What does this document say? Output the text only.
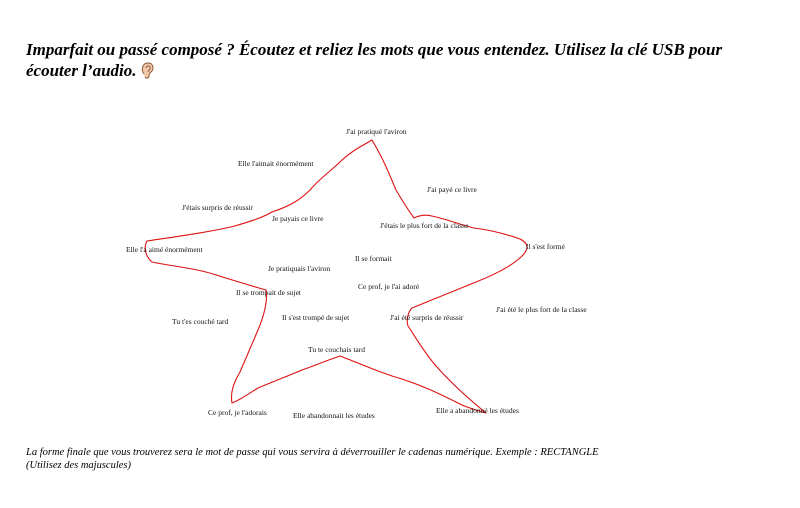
Imparfait ou passé composé ? Écoutez et reliez les mots que vous entendez. Utilisez la clé USB pour écouter l’audio.

J'ai pratiqué l'aviron
Elle l'aimait énormément
J'ai payé ce livre
J'étais surpris de réussir
Je payais ce livre
J'étais le plus fort de la classe
Il s'est formé
Elle l'a aimé énormément
Il se formait
Je pratiquais l'aviron
Ce prof, je l'ai adoré
Il se trompait de sujet
J'ai été le plus fort de la classe
Tu t'es couché tard	Il s'est trompé de sujet	J'ai été surpris de réussir
Tu te couchais tard
Ce prof, je l'adorais	Elle abandonnait les études
Elle a abandonné les études

La forme finale que vous trouverez sera le mot de passe qui vous servira à déverrouiller le cadenas numérique. Exemple : RECTANGLE
(Utilisez des majuscules)
